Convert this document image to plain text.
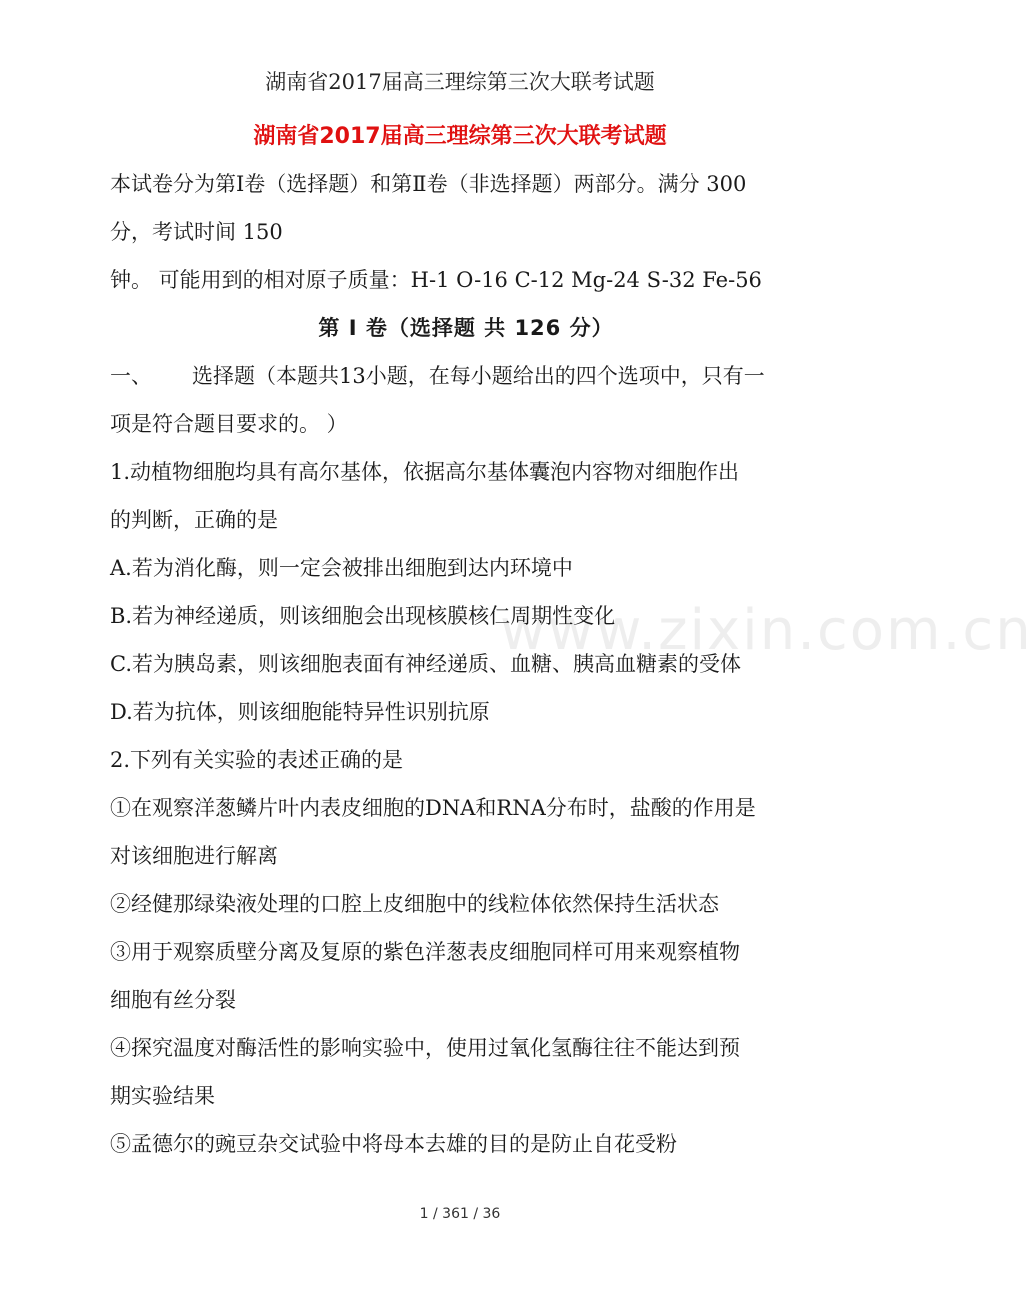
湖南省2017届高三理综第三次大联考试题
湖南省2017届高三理综第三次大联考试题
www.zixin.com.cn
本试卷分为第Ⅰ卷（选择题）和第Ⅱ卷（非选择题）两部分。满分 300
分，考试时间 150
钟。 可能用到的相对原子质量：H-1 O-16 C-12 Mg-24 S-32 Fe-56
第 I 卷（选择题 共 126 分）
一、 选择题（本题共13小题，在每小题给出的四个选项中，只有一
项是符合题目要求的。 ）
1.动植物细胞均具有高尔基体，依据高尔基体囊泡内容物对细胞作出
的判断，正确的是
A.若为消化酶，则一定会被排出细胞到达内环境中
B.若为神经递质，则该细胞会出现核膜核仁周期性变化
C.若为胰岛素，则该细胞表面有神经递质、血糖、胰高血糖素的受体
D.若为抗体，则该细胞能特异性识别抗原
2.下列有关实验的表述正确的是
①在观察洋葱鳞片叶内表皮细胞的DNA和RNA分布时，盐酸的作用是
对该细胞进行解离
②经健那绿染液处理的口腔上皮细胞中的线粒体依然保持生活状态
③用于观察质壁分离及复原的紫色洋葱表皮细胞同样可用来观察植物
细胞有丝分裂
④探究温度对酶活性的影响实验中，使用过氧化氢酶往往不能达到预
期实验结果
⑤孟德尔的豌豆杂交试验中将母本去雄的目的是防止自花受粉
1 / 361 / 36
